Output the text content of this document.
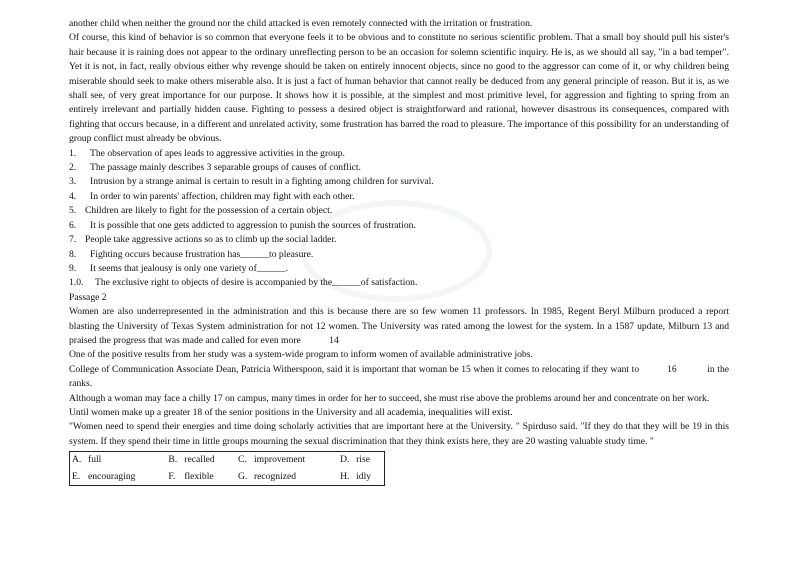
another child when neither the ground nor the child attacked is even remotely connected with the irritation or frustration.

Of course, this kind of behavior is so common that everyone feels it to be obvious and to constitute no serious scientific problem. That a small boy should pull his sister's hair because it is raining does not appear to the ordinary unreflecting person to be an occasion for solemn scientific inquiry. He is, as we should all say, "in a bad temper". Yet it is not, in fact, really obvious either why revenge should be taken on entirely innocent objects, since no good to the aggressor can come of it, or why children being miserable should seek to make others miserable also. It is just a fact of human behavior that cannot really be deduced from any general principle of reason. But it is, as we shall see, of very great importance for our purpose. It shows how it is possible, at the simplest and most primitive level, for aggression and fighting to spring from an entirely irrelevant and partially hidden cause. Fighting to possess a desired object is straightforward and rational, however disastrous its consequences, compared with fighting that occurs because, in a different and unrelated activity, some frustration has barred the road to pleasure. The importance of this possibility for an understanding of group conflict must already be obvious.

1. The observation of apes leads to aggressive activities in the group.

2. The passage mainly describes 3 separable groups of causes of conflict.

3. Intrusion by a strange animal is certain to result in a fighting among children for survival.

4. In order to win parents' affection, children may fight with each other.

5. Children are likely to fight for the possession of a certain object.

6. It is possible that one gets addicted to aggression to punish the sources of frustration.

7. People take aggressive actions so as to climb up the social ladder.

8. Fighting occurs because frustration has______to pleasure.

9. It seems that jealousy is only one variety of______.

1.0. The exclusive right to objects of desire is accompanied by the______of satisfaction.

Passage 2

Women are also underrepresented in the administration and this is because there are so few women 11 professors. In 1985, Regent Beryl Milburn produced a report blasting the University of Texas System administration for not 12 women. The University was rated among the lowest for the system. In a 1587 update, Milburn 13 and praised the progress that was made and called for even more	14

One of the positive results from her study was a system-wide program to inform women of available administrative jobs.

College of Communication Associate Dean, Patricia Witherspoon, said it is important that woman be 15 when it comes to relocating if they want to	16	in the ranks.

Although a woman may face a chilly 17 on campus, many times in order for her to succeed, she must rise above the problems around her and concentrate on her work.

Until women make up a greater 18 of the senior positions in the University and all academia, inequalities will exist.

"Women need to spend their energies and time doing scholarly activities that are important here at the University. " Spirduso said. "If they do that they will be 19 in this system. If they spend their time in little groups mourning the sexual discrimination that they think exists here, they are 20 wasting valuable study time. "

A.	full	B.	recalled	C.	improvement	D.	rise
E.	encouraging	F.	flexible	G.	recognized	H.	idly
